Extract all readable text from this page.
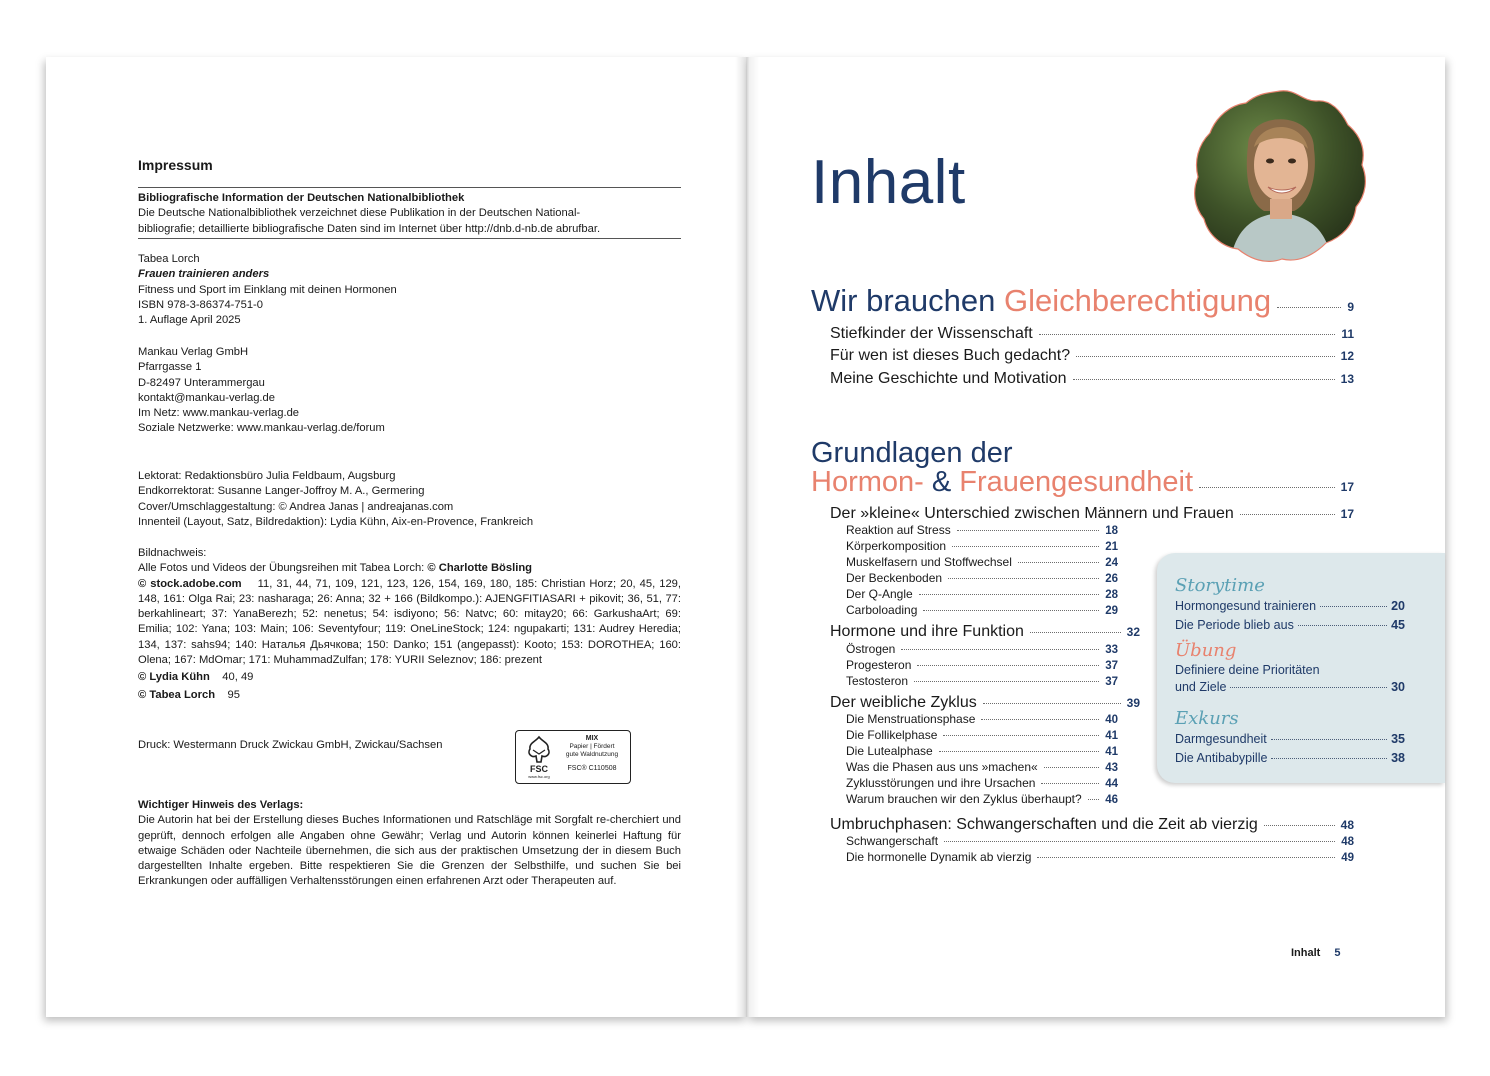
Impressum

Bibliografische Information der Deutschen Nationalbibliothek

Die Deutsche Nationalbibliothek verzeichnet diese Publikation in der Deutschen National-

bibliografie; detaillierte bibliografische Daten sind im Internet über http://dnb.d-nb.de abrufbar.

Tabea Lorch

Frauen trainieren anders

Fitness und Sport im Einklang mit deinen Hormonen

ISBN 978-3-86374-751-0

1. Auflage April 2025

Mankau Verlag GmbH

Pfarrgasse 1

D-82497 Unterammergau

kontakt@mankau-verlag.de

Im Netz: www.mankau-verlag.de

Soziale Netzwerke: www.mankau-verlag.de/forum

Lektorat: Redaktionsbüro Julia Feldbaum, Augsburg

Endkorrektorat: Susanne Langer-Joffroy M. A., Germering

Cover/Umschlaggestaltung: © Andrea Janas | andreajanas.com

Innenteil (Layout, Satz, Bildredaktion): Lydia Kühn, Aix-en-Provence, Frankreich

Bildnachweis:

Alle Fotos und Videos der Übungsreihen mit Tabea Lorch: © Charlotte Bösling

© stock.adobe.com 11, 31, 44, 71, 109, 121, 123, 126, 154, 169, 180, 185: Christian Horz; 20, 45, 129, 148, 161: Olga Rai; 23: nasharaga; 26: Anna; 32 + 166 (Bildkompo.): AJENGFITIASARI + pikovit; 36, 51, 77: berkahlineart; 37: YanaBerezh; 52: nenetus; 54: isdiyono; 56: Natvc; 60: mitay20; 66: GarkushaArt; 69: Emilia; 102: Yana; 103: Main; 106: Seventyfour; 119: OneLineStock; 124: ngupakarti; 131: Audrey Heredia; 134, 137: sahs94; 140: Наталья Дьячкова; 150: Danko; 151 (angepasst): Kooto; 153: DOROTHEA; 160: Olena; 167: MdOmar; 171: MuhammadZulfan; 178: YURII Seleznov; 186: prezent

© Lydia Kühn 40, 49

© Tabea Lorch 95

Druck: Westermann Druck Zwickau GmbH, Zwickau/Sachsen

FSC
www.fsc.org
MIX
Papier | Fördert
gute Waldnutzung
FSC® C110508

Wichtiger Hinweis des Verlags:

Die Autorin hat bei der Erstellung dieses Buches Informationen und Ratschläge mit Sorgfalt re-cherchiert und geprüft, dennoch erfolgen alle Angaben ohne Gewähr; Verlag und Autorin können keinerlei Haftung für etwaige Schäden oder Nachteile übernehmen, die sich aus der praktischen Umsetzung der in diesem Buch dargestellten Inhalte ergeben. Bitte respektieren Sie die Grenzen der Selbsthilfe, und suchen Sie bei Erkrankungen oder auffälligen Verhaltensstörungen einen erfahrenen Arzt oder Therapeuten auf.

Inhalt
Wir brauchen Gleichberechtigung	9
Grundlagen der
Hormon- & Frauengesundheit	17
Storytime
Übung
Definiere deine Prioritäten
und Ziele	30
Exkurs
Hormongesund trainieren	20
Die Periode blieb aus	45
Darmgesundheit	35
Die Antibabypille	38
Inhalt 5
Stiefkinder der Wissenschaft	11
Für wen ist dieses Buch gedacht?	12
Meine Geschichte und Motivation	13
Der »kleine« Unterschied zwischen Männern und Frauen	17
Reaktion auf Stress	18
Körperkomposition	21
Muskelfasern und Stoffwechsel	24
Der Beckenboden	26
Der Q-Angle	28
Carboloading	29
Hormone und ihre Funktion	32
Östrogen	33
Progesteron	37
Testosteron	37
Der weibliche Zyklus	39
Die Menstruationsphase	40
Die Follikelphase	41
Die Lutealphase	41
Was die Phasen aus uns »machen«	43
Zyklusstörungen und ihre Ursachen	44
Warum brauchen wir den Zyklus überhaupt? 46
Umbruchphasen: Schwangerschaften und die Zeit ab vierzig	48
Schwangerschaft	48
Die hormonelle Dynamik ab vierzig	49
